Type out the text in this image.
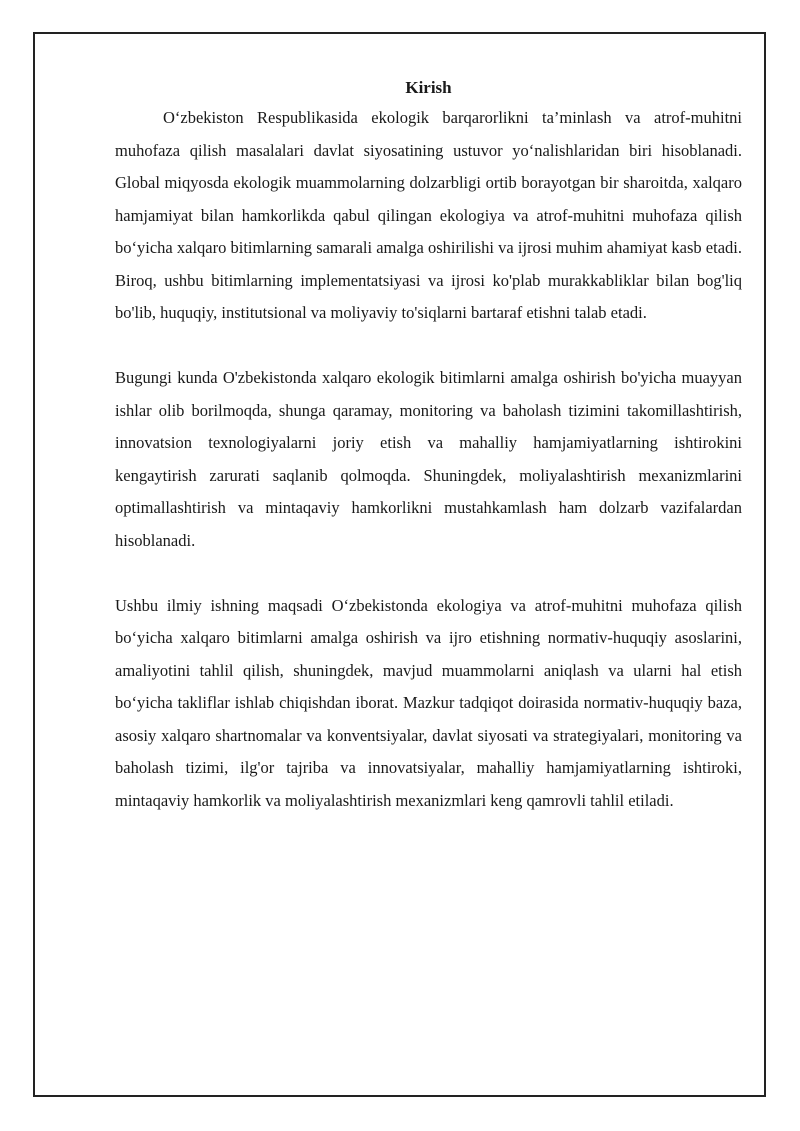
Kirish

O‘zbekiston Respublikasida ekologik barqarorlikni ta’minlash va atrof-muhitni muhofaza qilish masalalari davlat siyosatining ustuvor yo‘nalishlaridan biri hisoblanadi. Global miqyosda ekologik muammolarning dolzarbligi ortib borayotgan bir sharoitda, xalqaro hamjamiyat bilan hamkorlikda qabul qilingan ekologiya va atrof-muhitni muhofaza qilish bo‘yicha xalqaro bitimlarning samarali amalga oshirilishi va ijrosi muhim ahamiyat kasb etadi. Biroq, ushbu bitimlarning implementatsiyasi va ijrosi ko'plab murakkabliklar bilan bog'liq bo'lib, huquqiy, institutsional va moliyaviy to'siqlarni bartaraf etishni talab etadi.

Bugungi kunda O'zbekistonda xalqaro ekologik bitimlarni amalga oshirish bo'yicha muayyan ishlar olib borilmoqda, shunga qaramay, monitoring va baholash tizimini takomillashtirish, innovatsion texnologiyalarni joriy etish va mahalliy hamjamiyatlarning ishtirokini kengaytirish zarurati saqlanib qolmoqda. Shuningdek, moliyalashtirish mexanizmlarini optimallashtirish va mintaqaviy hamkorlikni mustahkamlash ham dolzarb vazifalardan hisoblanadi.

Ushbu ilmiy ishning maqsadi O‘zbekistonda ekologiya va atrof-muhitni muhofaza qilish bo‘yicha xalqaro bitimlarni amalga oshirish va ijro etishning normativ-huquqiy asoslarini, amaliyotini tahlil qilish, shuningdek, mavjud muammolarni aniqlash va ularni hal etish bo‘yicha takliflar ishlab chiqishdan iborat. Mazkur tadqiqot doirasida normativ-huquqiy baza, asosiy xalqaro shartnomalar va konventsiyalar, davlat siyosati va strategiyalari, monitoring va baholash tizimi, ilg'or tajriba va innovatsiyalar, mahalliy hamjamiyatlarning ishtiroki, mintaqaviy hamkorlik va moliyalashtirish mexanizmlari keng qamrovli tahlil etiladi.
